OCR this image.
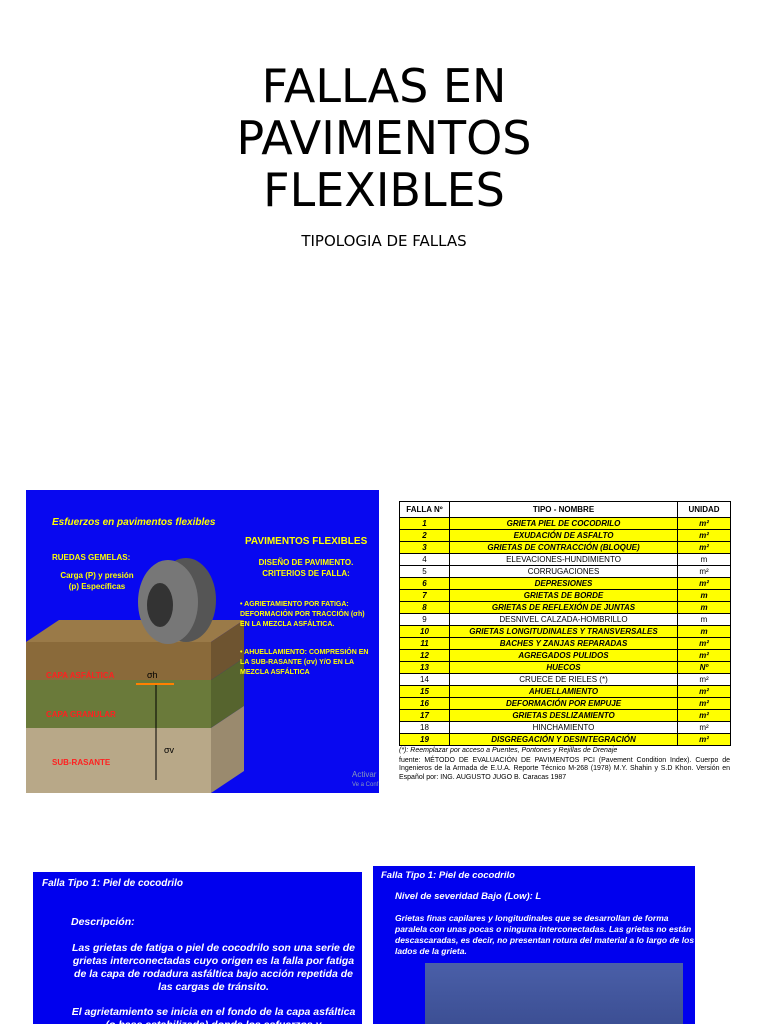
FALLAS EN
PAVIMENTOS
FLEXIBLES
TIPOLOGIA DE FALLAS
Esfuerzos en pavimentos flexibles
PAVIMENTOS FLEXIBLES
DISEÑO DE PAVIMENTO. CRITERIOS DE FALLA:
RUEDAS GEMELAS:
Carga (P) y presión (p) Específicas
• AGRIETAMIENTO POR FATIGA: DEFORMACIÓN POR TRACCIÓN (σh) EN LA MEZCLA ASFÁLTICA.
• AHUELLAMIENTO: COMPRESIÓN EN LA SUB-RASANTE (σv) Y/O EN LA MEZCLA ASFÁLTICA
CAPA ASFÁLTICA
CAPA GRANULAR
SUB-RASANTE
σh
σv
Activar
Ve a Conf
FALLA Nº	TIPO - NOMBRE	UNIDAD
1	GRIETA PIEL DE COCODRILO	m²
2	EXUDACIÓN DE ASFALTO	m²
3	GRIETAS DE CONTRACCIÓN (BLOQUE)	m²
4	ELEVACIONES-HUNDIMIENTO	m
5	CORRUGACIONES	m²
6	DEPRESIONES	m²
7	GRIETAS DE BORDE	m
8	GRIETAS DE REFLEXIÓN DE JUNTAS	m
9	DESNIVEL CALZADA-HOMBRILLO	m
10	GRIETAS LONGITUDINALES Y TRANSVERSALES	m
11	BACHES Y ZANJAS REPARADAS	m²
12	AGREGADOS PULIDOS	m²
13	HUECOS	Nº
14	CRUECE DE RIELES (*)	m²
15	AHUELLAMIENTO	m²
16	DEFORMACIÓN POR EMPUJE	m²
17	GRIETAS DESLIZAMIENTO	m²
18	HINCHAMIENTO	m²
19	DISGREGACIÓN Y DESINTEGRACIÓN	m²
(*): Reemplazar por acceso a Puentes, Pontones y Rejillas de Drenaje
fuente: MÉTODO DE EVALUACIÓN DE PAVIMENTOS PCI (Pavement Condition Index). Cuerpo de Ingenieros de la Armada de E.U.A. Reporte Técnico M-268 (1978) M.Y. Shahin y S.D Khon. Versión en Español por: ING. AUGUSTO JUGO B. Caracas 1987
Falla Tipo 1: Piel de cocodrilo
Descripción:
Las grietas de fatiga o piel de cocodrilo son una serie de grietas interconectadas cuyo origen es la falla por fatiga de la capa de rodadura asfáltica bajo acción repetida de las cargas de tránsito.
El agrietamiento se inicia en el fondo de la capa asfáltica (o base estabilizada) donde los esfuerzos y
Falla Tipo 1: Piel de cocodrilo
Nivel de severidad Bajo (Low): L
Grietas finas capilares y longitudinales que se desarrollan de forma paralela con unas pocas o ninguna interconectadas. Las grietas no están descascaradas, es decir, no presentan rotura del material a lo largo de los lados de la grieta.
